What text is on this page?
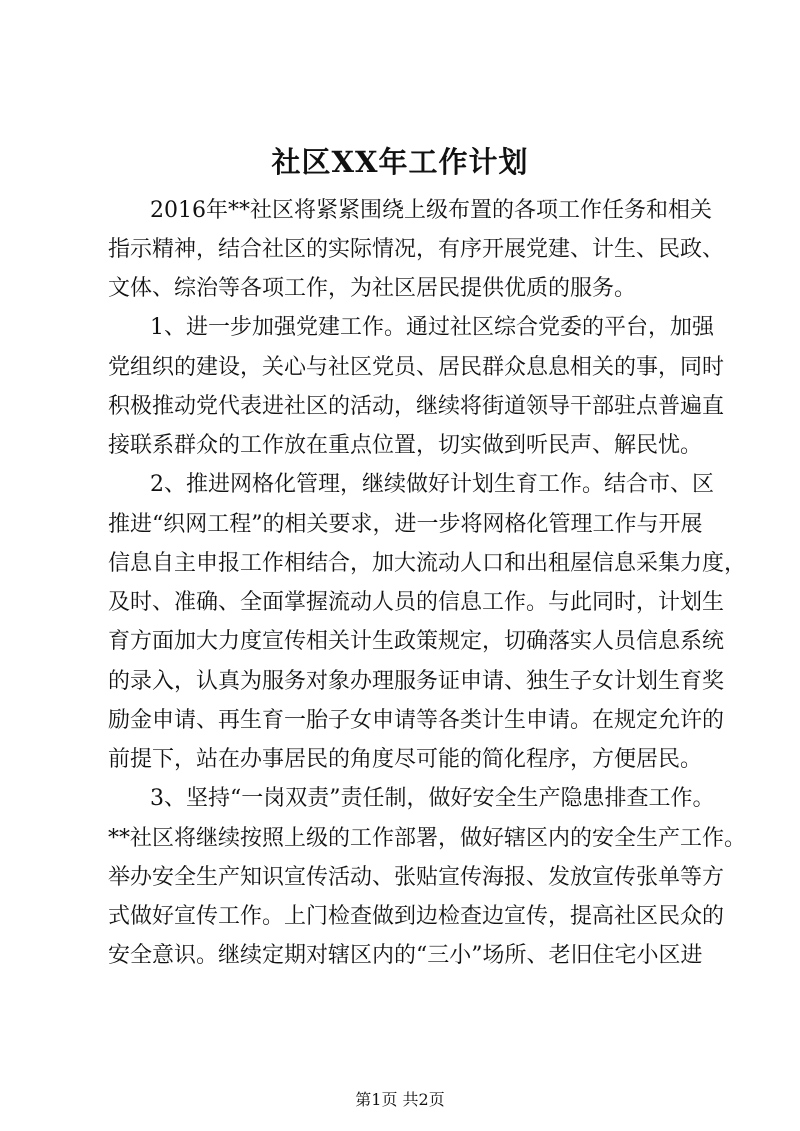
社区XX年工作计划
2016年**社区将紧紧围绕上级布置的各项工作任务和相关
指示精神，结合社区的实际情况，有序开展党建、计生、民政、
文体、综治等各项工作，为社区居民提供优质的服务。
1、进一步加强党建工作。通过社区综合党委的平台，加强
党组织的建设，关心与社区党员、居民群众息息相关的事，同时
积极推动党代表进社区的活动，继续将街道领导干部驻点普遍直
接联系群众的工作放在重点位置，切实做到听民声、解民忧。
2、推进网格化管理，继续做好计划生育工作。结合市、区
推进“织网工程”的相关要求，进一步将网格化管理工作与开展
信息自主申报工作相结合，加大流动人口和出租屋信息采集力度，
及时、准确、全面掌握流动人员的信息工作。与此同时，计划生
育方面加大力度宣传相关计生政策规定，切确落实人员信息系统
的录入，认真为服务对象办理服务证申请、独生子女计划生育奖
励金申请、再生育一胎子女申请等各类计生申请。在规定允许的
前提下，站在办事居民的角度尽可能的简化程序，方便居民。
3、坚持“一岗双责”责任制，做好安全生产隐患排查工作。
**社区将继续按照上级的工作部署，做好辖区内的安全生产工作。
举办安全生产知识宣传活动、张贴宣传海报、发放宣传张单等方
式做好宣传工作。上门检查做到边检查边宣传，提高社区民众的
安全意识。继续定期对辖区内的“三小”场所、老旧住宅小区进
第1页 共2页
